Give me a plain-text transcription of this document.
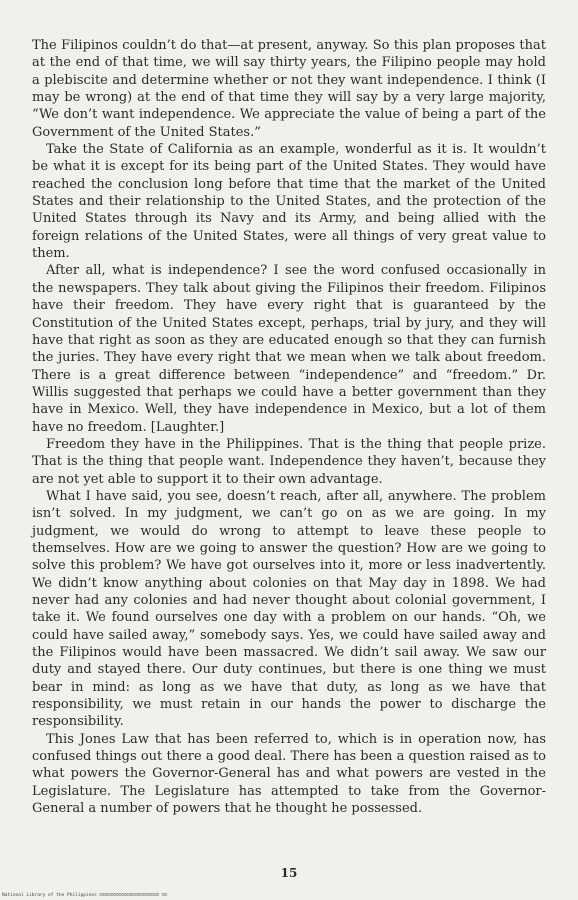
The Filipinos couldn’t do that—at present, anyway. So this plan proposes that at the end of that time, we will say thirty years, the Filipino people may hold a plebiscite and determine whether or not they want independence. I think (I may be wrong) at the end of that time they will say by a very large majority, “We don’t want independence. We appreciate the value of being a part of the Government of the United States.”

Take the State of California as an example, wonderful as it is. It wouldn’t be what it is except for its being part of the United States. They would have reached the conclusion long before that time that the market of the United States and their relationship to the United States, and the protection of the United States through its Navy and its Army, and being allied with the foreign relations of the United States, were all things of very great value to them.

After all, what is independence? I see the word confused occasionally in the newspapers. They talk about giving the Filipinos their freedom. Filipinos have their freedom. They have every right that is guaranteed by the Constitution of the United States except, perhaps, trial by jury, and they will have that right as soon as they are educated enough so that they can furnish the juries. They have every right that we mean when we talk about freedom. There is a great difference between “independence” and “freedom.” Dr. Willis suggested that perhaps we could have a better government than they have in Mexico. Well, they have independence in Mexico, but a lot of them have no freedom. [Laughter.]

Freedom they have in the Philippines. That is the thing that people prize. That is the thing that people want. Independence they haven’t, because they are not yet able to support it to their own advantage.

What I have said, you see, doesn’t reach, after all, anywhere. The problem isn’t solved. In my judgment, we can’t go on as we are going. In my judgment, we would do wrong to attempt to leave these people to themselves. How are we going to answer the question? How are we going to solve this problem? We have got ourselves into it, more or less inadvertently. We didn’t know anything about colonies on that May day in 1898. We had never had any colonies and had never thought about colonial government, I take it. We found ourselves one day with a problem on our hands. “Oh, we could have sailed away,” somebody says. Yes, we could have sailed away and the Filipinos would have been massacred. We didn’t sail away. We saw our duty and stayed there. Our duty continues, but there is one thing we must bear in mind: as long as we have that duty, as long as we have that responsibility, we must retain in our hands the power to discharge the responsibility.

This Jones Law that has been referred to, which is in operation now, has confused things out there a good deal. There has been a question raised as to what powers the Governor-General has and what powers are vested in the Legislature. The Legislature has attempted to take from the Governor-General a number of powers that he thought he possessed.

15
National Library of the Philippines ©©©©©©©©©©©©©©©©©©©©©© ©©
